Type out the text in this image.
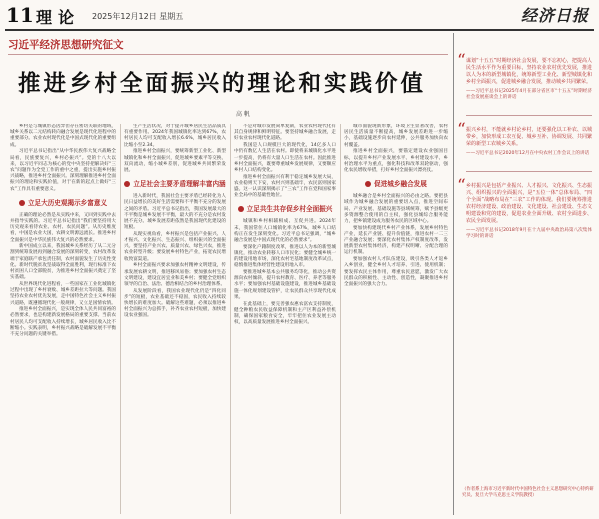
11 理论 2025年12月12日 星期五	经济日报
习近平经济思想研究征文
推进乡村全面振兴的理论和实践价值
高 帆

乡村是与城镇形态因异但存在密切关联的地域，城乡关系以二元结构转向融合发展是现代化进程中的重要部分。农业农村现代化是中国式现代化的重要组成。

习近平总书记指出“从中华民族伟大复兴战略全局看，民族要复兴，乡村必振兴”。党的十八大以来，以习近平同志为核心的党中央坚持把解决好“三农”问题作为全党工作的重中之重，提出实施乡村振兴战略，推进乡村全面振兴。深刻理解推进乡村全面振兴的理论和实践价值，对于在新的起点上做好“三农”工作具有重要意义。

立足大历史观揭示乡富意义

正确的理论必然是从实践中来，又回到实践中去并指导实践的。习近平总书记指出“我们要坚持用大历史观来看待农业、农村、农民问题”。从历史维度看，中国是农业大国，农耕文明源远流长。推进乡村全面振兴是中华民族伟大复兴的必然要求。

新中国成立以来，我国城乡关系经历了从二元分割到统筹发展再到融合发展的深刻转变，农村改革发端于家庭联产承包责任制，农村面貌发生了历史性变化。新时代脱贫攻坚战取得全面胜利，现行标准下农村贫困人口全部脱贫，为推进乡村全面振兴奠定了坚实基础。

从世界现代化进程看，一些国家在工业化城镇化过程中出现了乡村衰败、城乡差距拉大等问题。我国坚持农业农村优先发展，走中国特色社会主义乡村振兴道路，既遵循现代化一般规律，又立足国情农情。

推进乡村全面振兴，是实现全体人民共同富裕的必然要求，也是构建新发展格局的重要支撑。当前农村居民人均可支配收入持续增长，城乡居民收入比不断缩小。实践表明，乡村振兴战略是破解发展不平衡不充分问题的关键举措。

生产生活状况，对于提升城乡居民生活品质具有重要作用。2024年我国城镇化率达到67%，农村居民人均可支配收入增长6.6%，城乡居民收入比缩小至2.34。

推进乡村全面振兴，要统筹新型工业化、新型城镇化和乡村全面振兴，促进城乡要素平等交换、双向流动，缩小城乡差别，促进城乡共同繁荣发展。

立足社会主要矛盾理解丰富内涵

进入新时代，我国社会主要矛盾已经转化为人民日益增长的美好生活需要和不平衡不充分的发展之间的矛盾。习近平总书记指出，我国发展最大的不平衡是城乡发展不平衡，最大的不充分是农村发展不充分。城乡发展差距依然是我国现代化建设的短板。

从现实视角看，乡村振兴是包括产业振兴、人才振兴、文化振兴、生态振兴、组织振兴的全面振兴。要坚持产业兴农、质量兴农、绿色兴农，推进农业转型升级；要发展乡村特色产业，拓宽农民增收致富渠道。

乡村全面振兴要求加强农村精神文明建设，传承发展农耕文明，推进移风易俗；要加强农村生态文明建设，建设宜居宜业和美乡村；要健全党组织领导的自治、法治、德治相结合的乡村治理体系。

从发展阶段看，我国农业现代化仍是“四化同步”的短板，农业基础还不稳固，农民收入持续较快增长的难度加大。破解这些难题，必须以推进乡村全面振兴为总抓手，补齐农业农村短板，加快建设农业强国。

不是对城市发展简单复制，农业农村现代化有其自身规律和鲜明特征。要坚持城乡融合发展，走好农业农村现代化道路。

我国是人口规模巨大的现代化，14亿多人口中仍有数亿人生活在农村。即使将来城镇化水平进一步提高，仍将有大量人口生活在农村。因此推进乡村全面振兴，既要尊重城乡发展规律，又要顺应乡村人口结构变化。

推进乡村全面振兴有利于稳定城乡发展大局，农业稳则天下安，农村兴则基础牢，农民富则国家盛。这一认识深刻揭示了“三农”工作在党和国家事业全局中的基础性地位。

立足共生共存促乡村全面振兴

城镇和乡村相辅相成、互促共进。2024年末，我国常住人口城镇化率为67%，城乡人口结构正在发生深刻变化。习近平总书记强调，“城乡融合发展是中国式现代化的必然要求”。

要深化户籍制度改革，推进以人为本的新型城镇化，推动农业转移人口市民化；要健全城乡统一的建设用地市场，深化农村宅基地制度改革试点，稳慎推进集体经营性建设用地入市。

要推进城乡基本公共服务均等化，推动公共资源向农村倾斜，提升农村教育、医疗、养老等服务水平；要加强农村基础设施建设，推进城乡基础设施一体化规划建设管护，让农民群众共享现代化成果。

在此基础上，要完善强农惠农富农支持制度，健全种粮农民收益保障机制和主产区利益补偿机制，确保国家粮食安全，牢牢把住农业发展主动权，以高质量发展推进乡村全面振兴。

城市面貌现新形象，环境卫生显著改善，农村居民生活质量不断提高，城乡发展差距进一步缩小，基础设施逐步向农村延伸，公共服务加快向农村覆盖。

推进乡村全面振兴，要锚定建设农业强国目标，以提升乡村产业发展水平、乡村建设水平、乡村治理水平为重点，强化科技和改革双轮驱动，强化农民增收举措，打好乡村全面振兴漂亮仗。

促进城乡融合发展

城乡融合是乡村全面振兴的必由之路。要把县域作为城乡融合发展的重要切入点，推进空间布局、产业发展、基础设施等县域统筹，赋予县级更多资源整合使用的自主权，强化县城综合服务能力，把乡镇建设成为服务农民的区域中心。

要加快构建现代乡村产业体系，发展乡村特色产业，延长产业链、提升价值链，推进农村一二三产业融合发展；要深化农村集体产权制度改革，发展新型农村集体经济，构建产权明晰、分配合理的运行机制。

要加强农村人才队伍建设，吸引各类人才返乡入乡创业，健全乡村人才培养、引进、使用机制；要发挥农民主体作用，尊重农民意愿，激发广大农民群众的积极性、主动性、创造性，凝聚推进乡村全面振兴的强大合力。

“ 谋划“十五五”时期经济社会发展，要不忘初心，把提高人民生活水平作为重要目标，坚持农业农村优先发展，推进以人为本的新型城镇化，统筹新型工业化、新型城镇化和乡村全面振兴，促进城乡融合发展，推动城乡共同繁荣。
——习近平总书记2025年4月在部分省区市“十五五”时期经济社会发展座谈会上的讲话
“ 振兴乡村，不能就乡村论乡村，还要强化以工补农、以城带乡，加快形成工农互促、城乡互补、协调发展、共同繁荣的新型工农城乡关系。
——习近平总书记2020年12月在中央农村工作会议上的讲话
“ 乡村振兴是包括产业振兴、人才振兴、文化振兴、生态振兴、组织振兴的全面振兴，是“五位一体”总体布局、“四个全面”战略布局在“三农”工作的体现。我们要统筹推进农村经济建设、政治建设、文化建设、社会建设、生态文明建设和党的建设，促进农业全面升级、农村全面进步、农民全面发展。
——习近平总书记2018年9月在十九届中央政治局第八次集体学习时的讲话
（作者系上海市习近平新时代中国特色社会主义思想研究中心特约研究员、复旦大学马克思主义学院教授）
